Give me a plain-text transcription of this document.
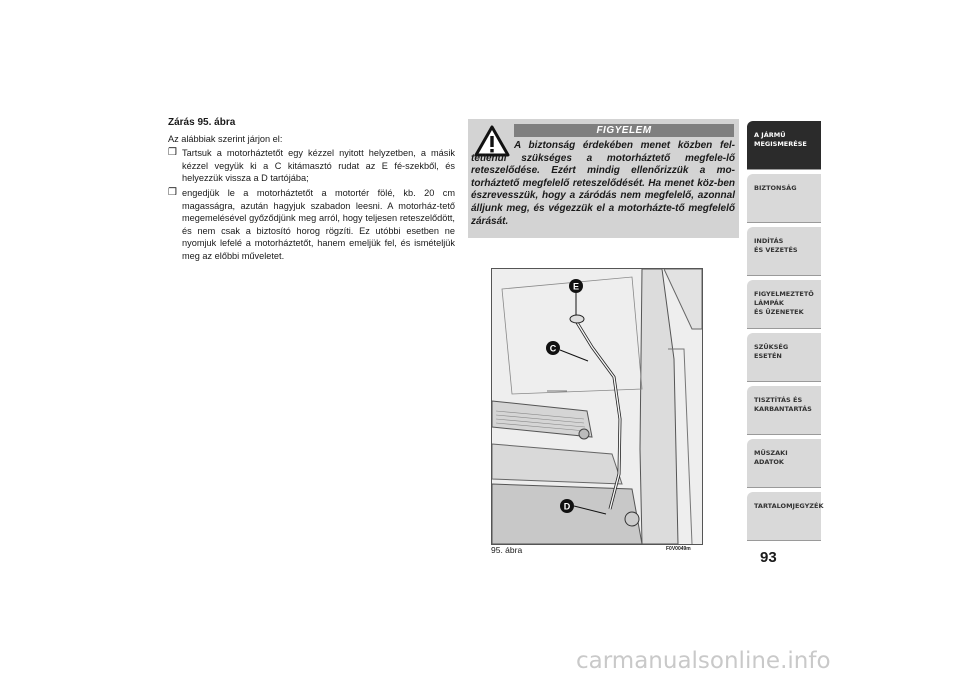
Zárás 95. ábra
Az alábbiak szerint járjon el:
❒ Tartsuk a motorháztetőt egy kézzel nyitott helyzetben, a másik kézzel vegyük ki a C kitámasztó rudat az E fé-szekből, és helyezzük vissza a D tartójába;
❒ engedjük le a motorháztetőt a motortér fölé, kb. 20 cm magasságra, azután hagyjuk szabadon leesni. A motorház-tető megemelésével győződjünk meg arról, hogy teljesen reteszelődött, és nem csak a biztosító horog rögzíti. Ez utóbbi esetben ne nyomjuk lefelé a motorháztetőt, hanem emeljük fel, és ismételjük meg az előbbi műveletet.
FIGYELEM
A biztonság érdekében menet közben fel-tétlenül szükséges a motorháztető megfele-lő reteszelődése. Ezért mindig ellenőrizzük a mo-torháztető megfelelő reteszelődését. Ha menet köz-ben észrevesszük, hogy a záródás nem megfelelő, azonnal álljunk meg, és végezzük el a motorházte-tő megfelelő zárását.
E
C
D
95. ábra	F0V0049m
A JÁRMŰ
MEGISMERÉSE
BIZTONSÁG
INDÍTÁS
ÉS VEZETÉS
FIGYELMEZTETŐ
LÁMPÁK
ÉS ÜZENETEK
SZÜKSÉG
ESETÉN
TISZTÍTÁS ÉS
KARBANTARTÁS
MŰSZAKI
ADATOK
TARTALOMJEGYZÉK
93
carmanualsonline.info
